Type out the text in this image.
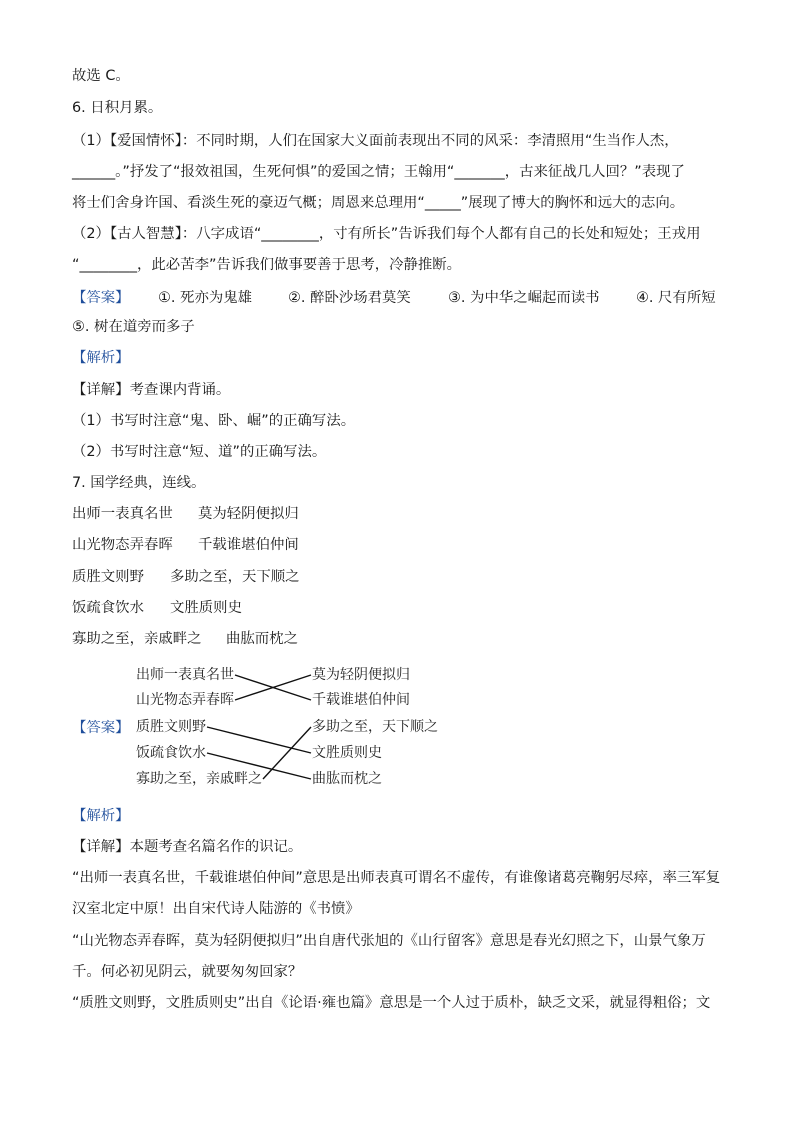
故选 C。
6. 日积月累。
（1）【爱国情怀】：不同时期，人们在国家大义面前表现出不同的风采：李清照用“生当作人杰，
______。”抒发了“报效祖国，生死何惧”的爱国之情；王翰用“_______，古来征战几人回？”表现了
将士们舍身许国、看淡生死的豪迈气概；周恩来总理用“_____”展现了博大的胸怀和远大的志向。
（2）【古人智慧】：八字成语“________，寸有所长”告诉我们每个人都有自己的长处和短处；王戎用
“________，此必苦李”告诉我们做事要善于思考，冷静推断。
【答案】 ①. 死亦为鬼雄 ②. 醉卧沙场君莫笑	③. 为中华之崛起而读书	④. 尺有所短
⑤. 树在道旁而多子
【解析】
【详解】考查课内背诵。
（1）书写时注意“鬼、卧、崛”的正确写法。
（2）书写时注意“短、道”的正确写法。
7. 国学经典，连线。
出师一表真名世 莫为轻阴便拟归
山光物态弄春晖 千载谁堪伯仲间
质胜文则野 多助之至，天下顺之
饭疏食饮水 文胜质则史
寡助之至，亲戚畔之 曲肱而枕之
【答案】
出师一表真名世
山光物态弄春晖
质胜文则野
饭疏食饮水
寡助之至，亲戚畔之
莫为轻阴便拟归
千载谁堪伯仲间
多助之至，天下顺之
文胜质则史
曲肱而枕之
【解析】
【详解】本题考查名篇名作的识记。
“出师一表真名世，千载谁堪伯仲间”意思是出师表真可谓名不虚传，有谁像诸葛亮鞠躬尽瘁，率三军复
汉室北定中原！出自宋代诗人陆游的《书愤》
“山光物态弄春晖，莫为轻阴便拟归”出自唐代张旭的《山行留客》意思是春光幻照之下，山景气象万
千。何必初见阴云，就要匆匆回家？
“质胜文则野，文胜质则史”出自《论语·雍也篇》意思是一个人过于质朴，缺乏文采，就显得粗俗；文
